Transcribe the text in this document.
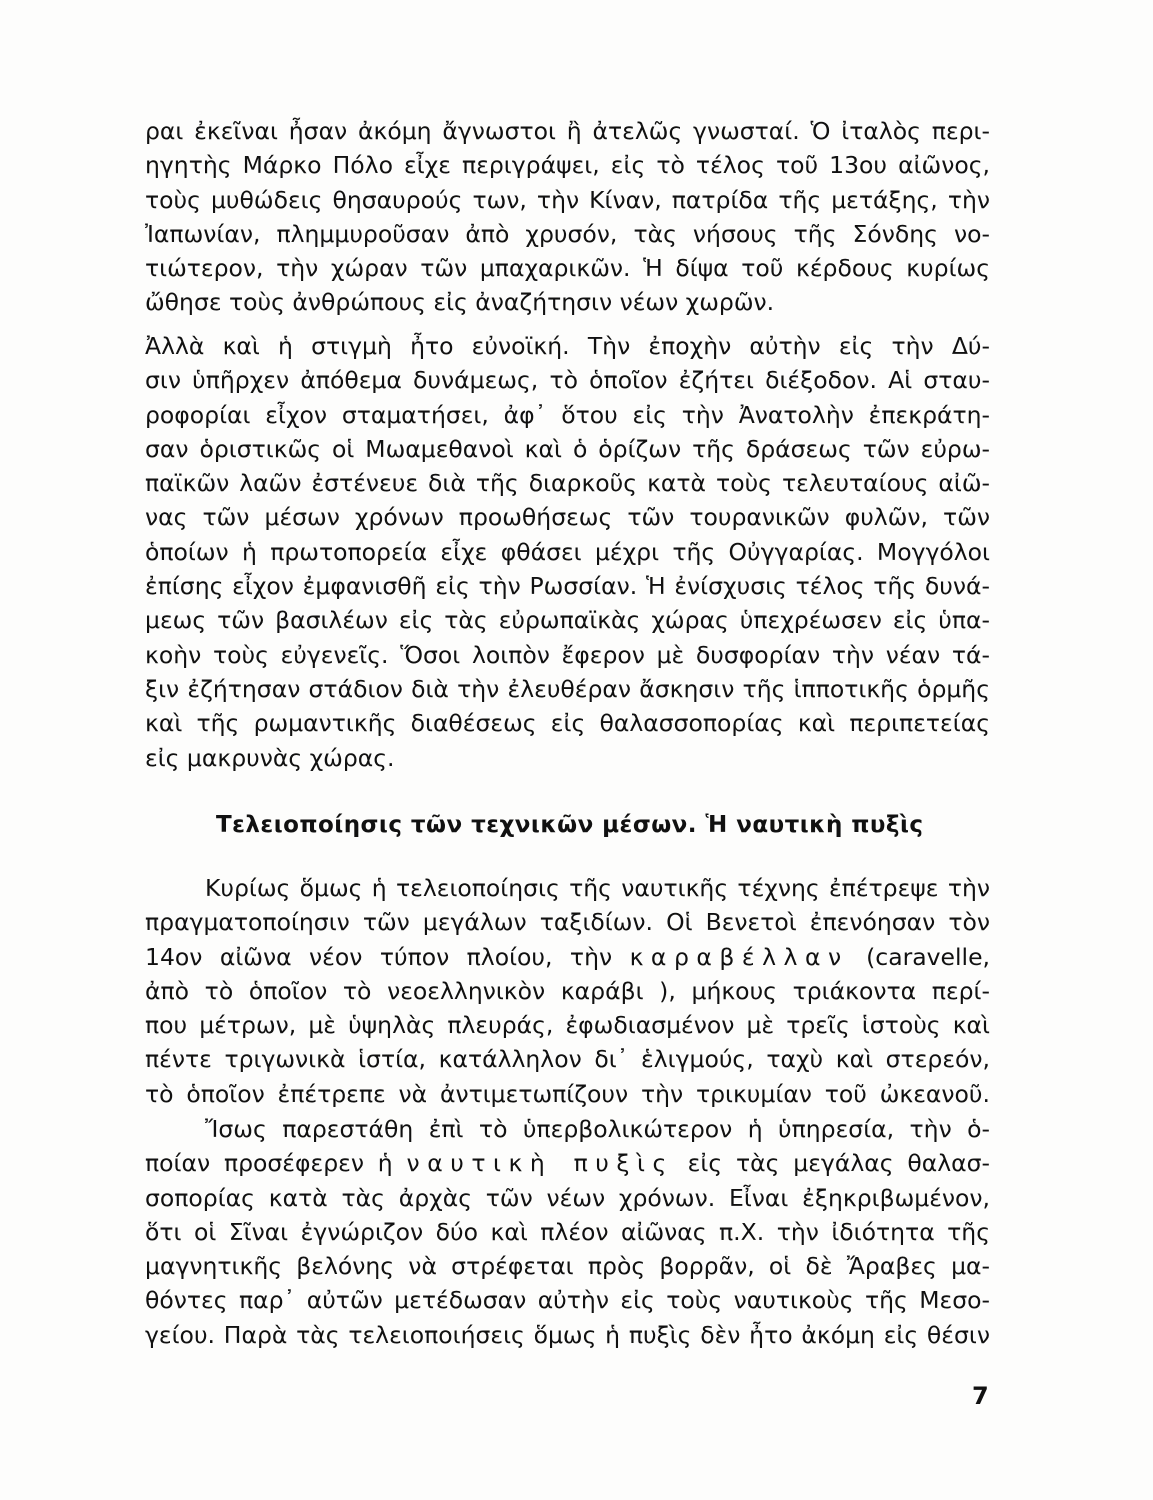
ραι ἐκεῖναι ἦσαν ἀκόμη ἄγνωστοι ἢ ἀτελῶς γνωσταί. Ὁ ἰταλὸς περι-
ηγητὴς Μάρκο Πόλο εἶχε περιγράψει, εἰς τὸ τέλος τοῦ 13ου αἰῶνος,
τοὺς μυθώδεις θησαυρούς των, τὴν Κίναν, πατρίδα τῆς μετάξης, τὴν
Ἰαπωνίαν, πλημμυροῦσαν ἀπὸ χρυσόν, τὰς νήσους τῆς Σόνδης νο-
τιώτερον, τὴν χώραν τῶν μπαχαρικῶν. Ἡ δίψα τοῦ κέρδους κυρίως
ὤθησε τοὺς ἀνθρώπους εἰς ἀναζήτησιν νέων χωρῶν.
Ἀλλὰ καὶ ἡ στιγμὴ ἦτο εὐνοϊκή. Τὴν ἐποχὴν αὐτὴν εἰς τὴν Δύ-
σιν ὑπῆρχεν ἀπόθεμα δυνάμεως, τὸ ὁποῖον ἐζήτει διέξοδον. Αἱ σταυ-
ροφορίαι εἶχον σταματήσει, ἀφ᾽ ὅτου εἰς τὴν Ἀνατολὴν ἐπεκράτη-
σαν ὁριστικῶς οἱ Μωαμεθανοὶ καὶ ὁ ὁρίζων τῆς δράσεως τῶν εὐρω-
παϊκῶν λαῶν ἐστένευε διὰ τῆς διαρκοῦς κατὰ τοὺς τελευταίους αἰῶ-
νας τῶν μέσων χρόνων προωθήσεως τῶν τουρανικῶν φυλῶν, τῶν
ὁποίων ἡ πρωτοπορεία εἶχε φθάσει μέχρι τῆς Οὐγγαρίας. Μογγόλοι
ἐπίσης εἶχον ἐμφανισθῆ εἰς τὴν Ρωσσίαν. Ἡ ἐνίσχυσις τέλος τῆς δυνά-
μεως τῶν βασιλέων εἰς τὰς εὐρωπαϊκὰς χώρας ὑπεχρέωσεν εἰς ὑπα-
κοὴν τοὺς εὐγενεῖς. Ὅσοι λοιπὸν ἔφερον μὲ δυσφορίαν τὴν νέαν τά-
ξιν ἐζήτησαν στάδιον διὰ τὴν ἐλευθέραν ἄσκησιν τῆς ἱπποτικῆς ὁρμῆς
καὶ τῆς ρωμαντικῆς διαθέσεως εἰς θαλασσοπορίας καὶ περιπετείας
εἰς μακρυνὰς χώρας.
Τελειοποίησις τῶν τεχνικῶν μέσων. Ἡ ναυτικὴ πυξὶς
Κυρίως ὅμως ἡ τελειοποίησις τῆς ναυτικῆς τέχνης ἐπέτρεψε τὴν
πραγματοποίησιν τῶν μεγάλων ταξιδίων. Οἱ Βενετοὶ ἐπενόησαν τὸν
14ον αἰῶνα νέον τύπον πλοίου, τὴν καραβέλλαν (caravelle,
ἀπὸ τὸ ὁποῖον τὸ νεοελληνικὸν καράβι ), μήκους τριάκοντα περί-
που μέτρων, μὲ ὑψηλὰς πλευράς, ἐφωδιασμένον μὲ τρεῖς ἱστοὺς καὶ
πέντε τριγωνικὰ ἱστία, κατάλληλον δι᾽ ἑλιγμούς, ταχὺ καὶ στερεόν,
τὸ ὁποῖον ἐπέτρεπε νὰ ἀντιμετωπίζουν τὴν τρικυμίαν τοῦ ὠκεανοῦ.
Ἴσως παρεστάθη ἐπὶ τὸ ὑπερβολικώτερον ἡ ὑπηρεσία, τὴν ὁ-
ποίαν προσέφερεν ἡ ναυτικὴ πυξὶς εἰς τὰς μεγάλας θαλασ-
σοπορίας κατὰ τὰς ἀρχὰς τῶν νέων χρόνων. Εἶναι ἐξηκριβωμένον,
ὅτι οἱ Σῖναι ἐγνώριζον δύο καὶ πλέον αἰῶνας π.Χ. τὴν ἰδιότητα τῆς
μαγνητικῆς βελόνης νὰ στρέφεται πρὸς βορρᾶν, οἱ δὲ Ἄραβες μα-
θόντες παρ᾽ αὐτῶν μετέδωσαν αὐτὴν εἰς τοὺς ναυτικοὺς τῆς Μεσο-
γείου. Παρὰ τὰς τελειοποιήσεις ὅμως ἡ πυξὶς δὲν ἦτο ἀκόμη εἰς θέσιν
7
